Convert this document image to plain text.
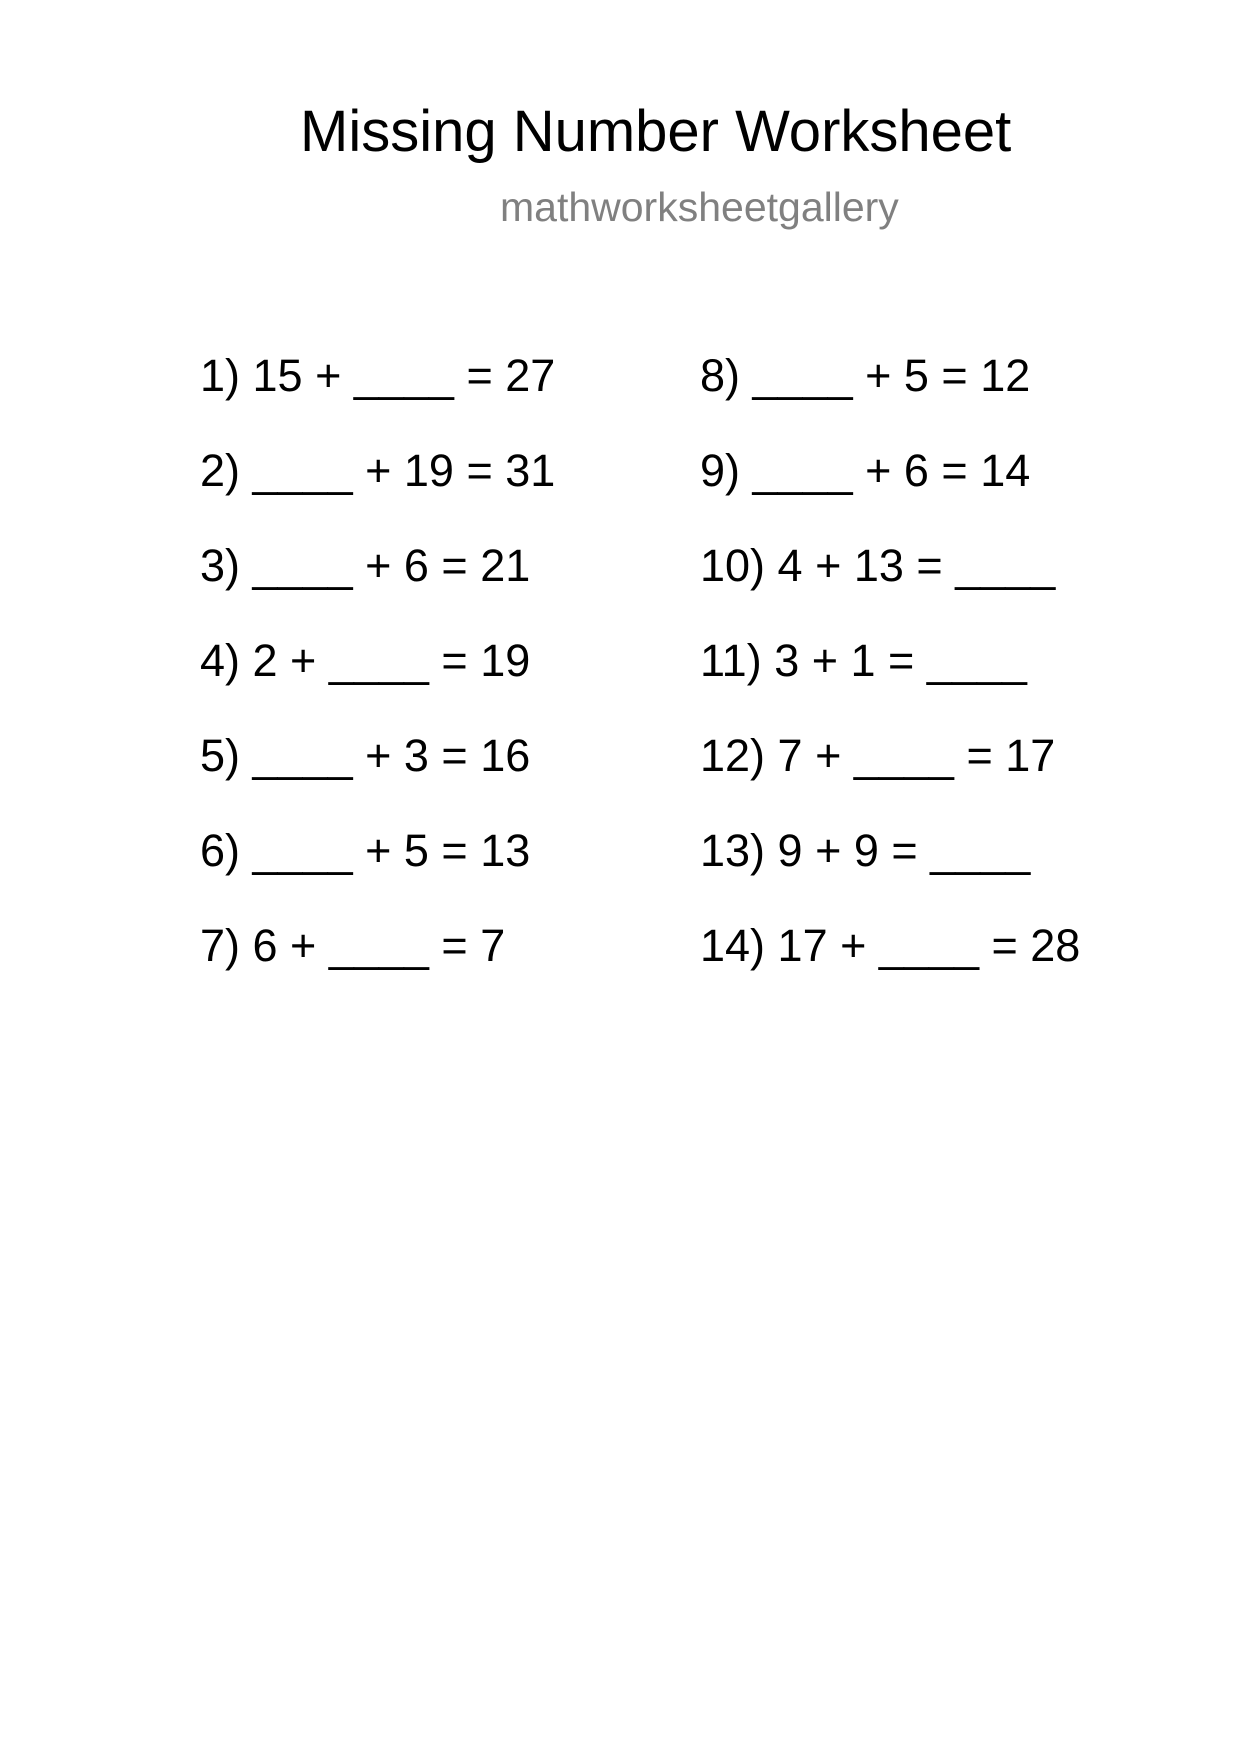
Missing Number Worksheet
mathworksheetgallery
1) 15 + ____ = 27
2) ____ + 19 = 31
3) ____ + 6 = 21
4) 2 + ____ = 19
5) ____ + 3 = 16
6) ____ + 5 = 13
7) 6 + ____ = 7
8) ____ + 5 = 12
9) ____ + 6 = 14
10) 4 + 13 = ____
11) 3 + 1 = ____
12) 7 + ____ = 17
13) 9 + 9 = ____
14) 17 + ____ = 28
